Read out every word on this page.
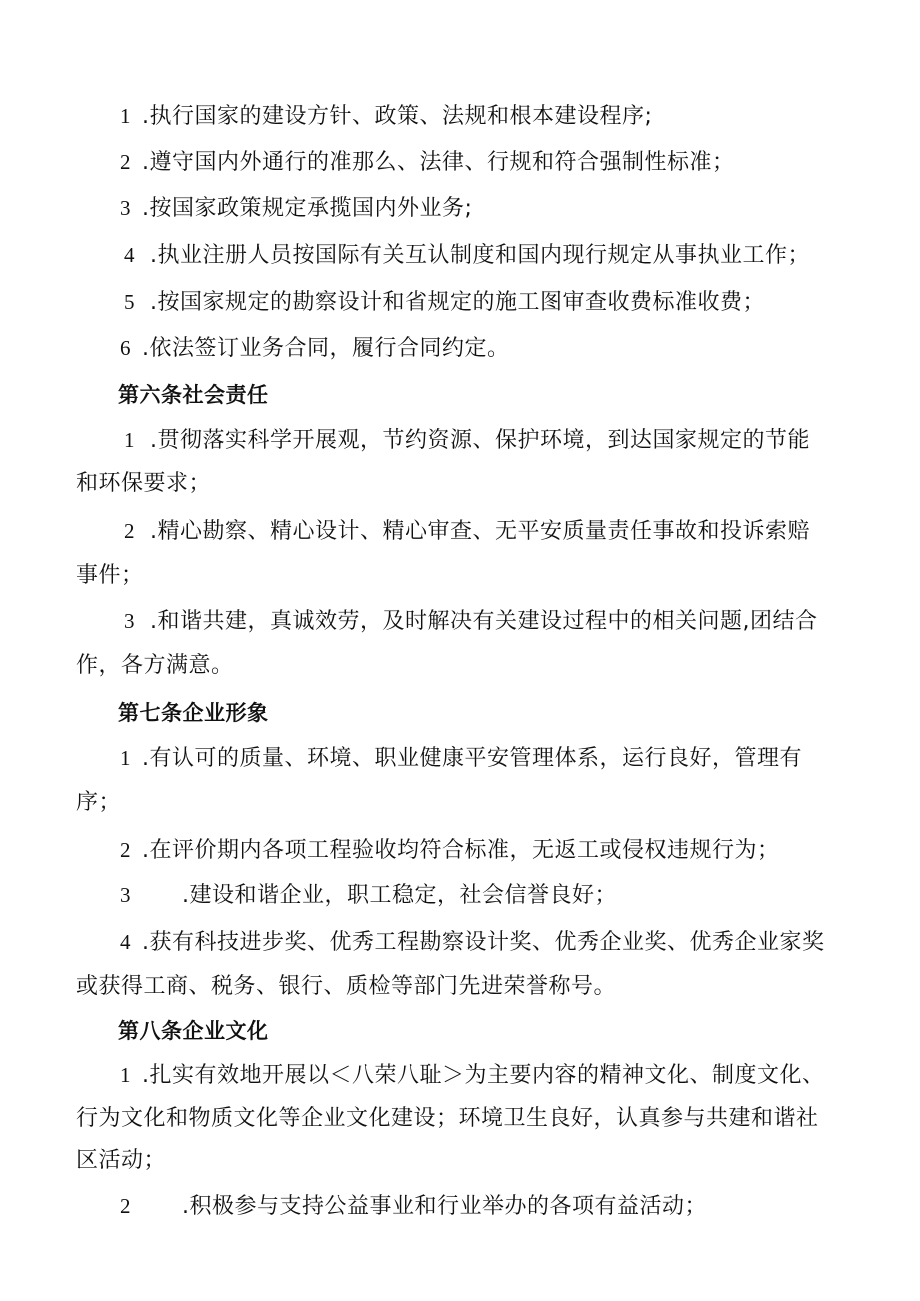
1 .执行国家的建设方针、政策、法规和根本建设程序;
2 .遵守国内外通行的准那么、法律、行规和符合强制性标准；
3 .按国家政策规定承揽国内外业务;
4 .执业注册人员按国际有关互认制度和国内现行规定从事执业工作；
5 .按国家规定的勘察设计和省规定的施工图审查收费标准收费；
6 .依法签订业务合同，履行合同约定。
第六条社会责任
1 .贯彻落实科学开展观，节约资源、保护环境，到达国家规定的节能
和环保要求；
2 .精心勘察、精心设计、精心审查、无平安质量责任事故和投诉索赔
事件；
3 .和谐共建，真诚效劳，及时解决有关建设过程中的相关问题,团结合
作，各方满意。
第七条企业形象
1 .有认可的质量、环境、职业健康平安管理体系，运行良好，管理有
序；
2 .在评价期内各项工程验收均符合标准，无返工或侵权违规行为；
3 .建设和谐企业，职工稳定，社会信誉良好；
4 .获有科技进步奖、优秀工程勘察设计奖、优秀企业奖、优秀企业家奖
或获得工商、税务、银行、质检等部门先进荣誉称号。
第八条企业文化
1 .扎实有效地开展以＜八荣八耻＞为主要内容的精神文化、制度文化、
行为文化和物质文化等企业文化建设；环境卫生良好，认真参与共建和谐社
区活动；
2 .积极参与支持公益事业和行业举办的各项有益活动；
